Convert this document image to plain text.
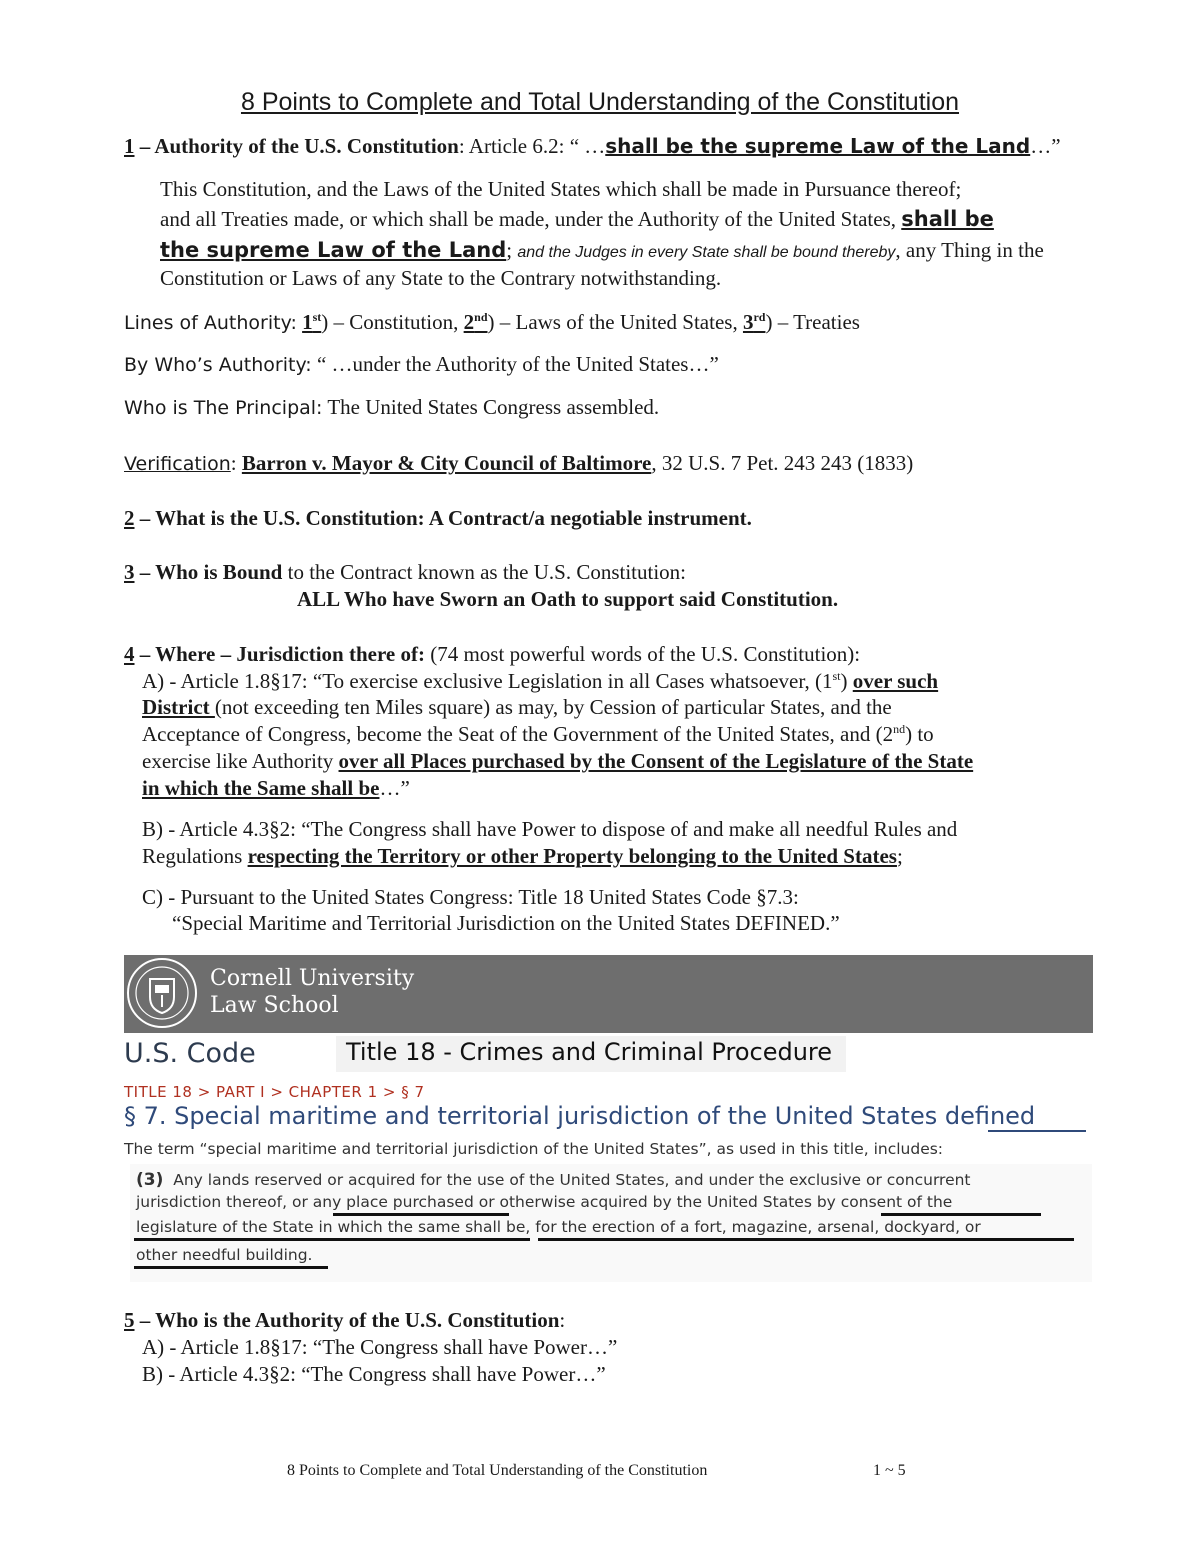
8 Points to Complete and Total Understanding of the Constitution
1 – Authority of the U.S. Constitution: Article 6.2: “ …shall be the supreme Law of the Land…”
This Constitution, and the Laws of the United States which shall be made in Pursuance thereof;
and all Treaties made, or which shall be made, under the Authority of the United States, shall be
the supreme Law of the Land; and the Judges in every State shall be bound thereby, any Thing in the
Constitution or Laws of any State to the Contrary notwithstanding.
Lines of Authority: 1st) – Constitution, 2nd) – Laws of the United States, 3rd) – Treaties
By Who’s Authority: “ …under the Authority of the United States…”
Who is The Principal: The United States Congress assembled.
Verification: Barron v. Mayor & City Council of Baltimore, 32 U.S. 7 Pet. 243 243 (1833)
2 – What is the U.S. Constitution: A Contract/a negotiable instrument.
3 – Who is Bound to the Contract known as the U.S. Constitution:
ALL Who have Sworn an Oath to support said Constitution.
4 – Where – Jurisdiction there of: (74 most powerful words of the U.S. Constitution):
A) - Article 1.8§17: “To exercise exclusive Legislation in all Cases whatsoever, (1st) over such
District (not exceeding ten Miles square) as may, by Cession of particular States, and the
Acceptance of Congress, become the Seat of the Government of the United States, and (2nd) to
exercise like Authority over all Places purchased by the Consent of the Legislature of the State
in which the Same shall be…”
B) - Article 4.3§2: “The Congress shall have Power to dispose of and make all needful Rules and
Regulations respecting the Territory or other Property belonging to the United States;
C) - Pursuant to the United States Congress: Title 18 United States Code §7.3:
“Special Maritime and Territorial Jurisdiction on the United States DEFINED.”
Cornell University
Law School
U.S. Code	Title 18 - Crimes and Criminal Procedure
TITLE 18 > PART I > CHAPTER 1 > § 7
§ 7. Special maritime and territorial jurisdiction of the United States defined
The term “special maritime and territorial jurisdiction of the United States”, as used in this title, includes:
(3) Any lands reserved or acquired for the use of the United States, and under the exclusive or concurrent
jurisdiction thereof, or any place purchased or otherwise acquired by the United States by consent of the
legislature of the State in which the same shall be, for the erection of a fort, magazine, arsenal, dockyard, or
other needful building.
5 – Who is the Authority of the U.S. Constitution:
A) - Article 1.8§17: “The Congress shall have Power…”
B) - Article 4.3§2: “The Congress shall have Power…”
8 Points to Complete and Total Understanding of the Constitution	1 ~ 5
